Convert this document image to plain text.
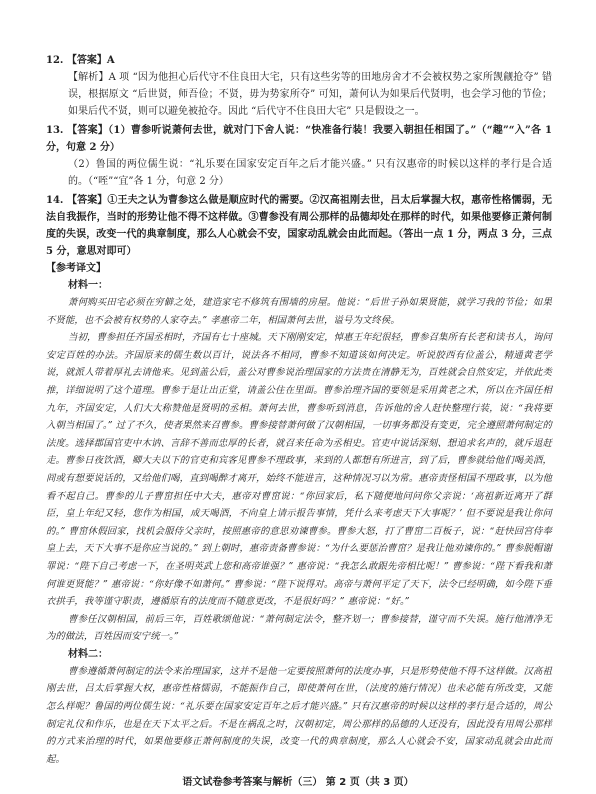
12. 【答案】A

【解析】A 项 “因为他担心后代守不住良田大宅，只有这些劣等的田地房舍才不会被权势之家所觊觎抢夺” 错误，根据原文 “后世贤，师吾俭；不贤，毋为势家所夺” 可知，萧何认为如果后代贤明，也会学习他的节俭；如果后代不贤，则可以避免被抢夺。因此 “后代守不住良田大宅” 只是假设之一。

13. 【答案】（1）曹参听说萧何去世，就对门下舍人说：“快准备行装！我要入朝担任相国了。”（“趣”“入”各 1 分，句意 2 分）

（2）鲁国的两位儒生说：“礼乐要在国家安定百年之后才能兴盛。” 只有汉惠帝的时候以这样的孝行是合适的。（“咥”“宜”各 1 分，句意 2 分）

14. 【答案】①王夫之认为曹参这么做是顺应时代的需要。②汉高祖刚去世，吕太后掌握大权，惠帝性格懦弱，无法自我振作，当时的形势让他不得不这样做。③曹参没有周公那样的品德却处在那样的时代，如果他要修正萧何制度的失误，改变一代的典章制度，那么人心就会不安，国家动乱就会由此而起。（答出一点 1 分，两点 3 分，三点 5 分，意思对即可）

【参考译文】

材料一：

萧何购买田宅必须在穷僻之处，建造家宅不修筑有围墙的房屋。他说：“后世子孙如果贤能，就学习我的节俭；如果不贤能，也不会被有权势的人家夺去。” 孝惠帝二年，相国萧何去世，谥号为文终侯。

当初，曹参担任齐国丞相时，齐国有七十座城。天下刚刚安定，悼惠王年纪很轻，曹参召集所有长老和读书人，询问安定百姓的办法。齐国原来的儒生数以百计，说法各不相同，曹参不知道该如何决定。听说胶西有位盖公，精通黄老学说，就派人带着厚礼去请他来。见到盖公后，盖公对曹参说治理国家的方法贵在清静无为，百姓就会自然安定，并依此类推，详细说明了这个道理。曹参于是让出正堂，请盖公住在里面。曹参治理齐国的要领是采用黄老之术，所以在齐国任相九年，齐国安定，人们大大称赞他是贤明的丞相。萧何去世，曹参听到消息，告诉他的舍人赶快整理行装，说：“我将要入朝当相国了。” 过了不久，使者果然来召曹参。曹参接替萧何做了汉朝相国，一切事务都没有变更，完全遵照萧何制定的法度。选择郡国官吏中木讷、言辞不善而忠厚的长者，就召来任命为丞相史。官吏中说话深刻、想追求名声的，就斥退赶走。曹参日夜饮酒，卿大夫以下的官吏和宾客见曹参不理政事，来到的人都想有所进言，到了后，曹参就给他们喝美酒，间或有想要说话的，又给他们喝，直到喝醉才离开，始终不能进言，这种情况习以为常。惠帝责怪相国不理政事，以为他看不起自己。曹参的儿子曹窋担任中大夫，惠帝对曹窋说：“你回家后，私下随便地问问你父亲说：‘高祖新近离开了群臣，皇上年纪又轻，您作为相国，成天喝酒，不向皇上请示报告事情，凭什么来考虑天下大事呢？’ 但不要说是我让你问的。” 曹窋休假回家，找机会服侍父亲时，按照惠帝的意思劝谏曹参。曹参大怒，打了曹窋二百板子，说：“赶快回宫侍奉皇上去，天下大事不是你应当说的。” 到上朝时，惠帝责备曹参说：“为什么要惩治曹窋？是我让他劝谏你的。” 曹参脱帽谢罪说：“陛下自己考虑一下，在圣明英武上您和高帝谁强？” 惠帝说：“我怎么敢跟先帝相比呢！” 曹参说：“陛下看我和萧何谁更贤能？” 惠帝说：“你好像不如萧何。” 曹参说：“陛下说得对。高帝与萧何平定了天下，法令已经明确，如今陛下垂衣拱手，我等谨守职责，遵循原有的法度而不随意更改，不是很好吗？” 惠帝说：“好。”

曹参任汉朝相国，前后三年，百姓歌颂他说：“萧何制定法令，整齐划一；曹参接替，谨守而不失误。施行他清净无为的做法，百姓因而安宁统一。”

材料二：

曹参遵循萧何制定的法令来治理国家，这并不是他一定要按照萧何的法度办事，只是形势使他不得不这样做。汉高祖刚去世，吕太后掌握大权，惠帝性格懦弱，不能振作自己，即使萧何在世，（法度的施行情况）也未必能有所改变，又能怎么样呢？鲁国的两位儒生说：“礼乐要在国家安定百年之后才能兴盛。” 只有汉惠帝的时候以这样的孝行是合适的，周公制定礼仪和作乐，也是在天下太平之后。不是在祸乱之时，汉朝初定，周公那样的品德的人还没有，因此没有用周公那样的方式来治理的时代，如果他要修正萧何制度的失误，改变一代的典章制度，那么人心就会不安，国家动乱就会由此而起。

语文试卷参考答案与解析（三） 第 2 页（共 3 页）
